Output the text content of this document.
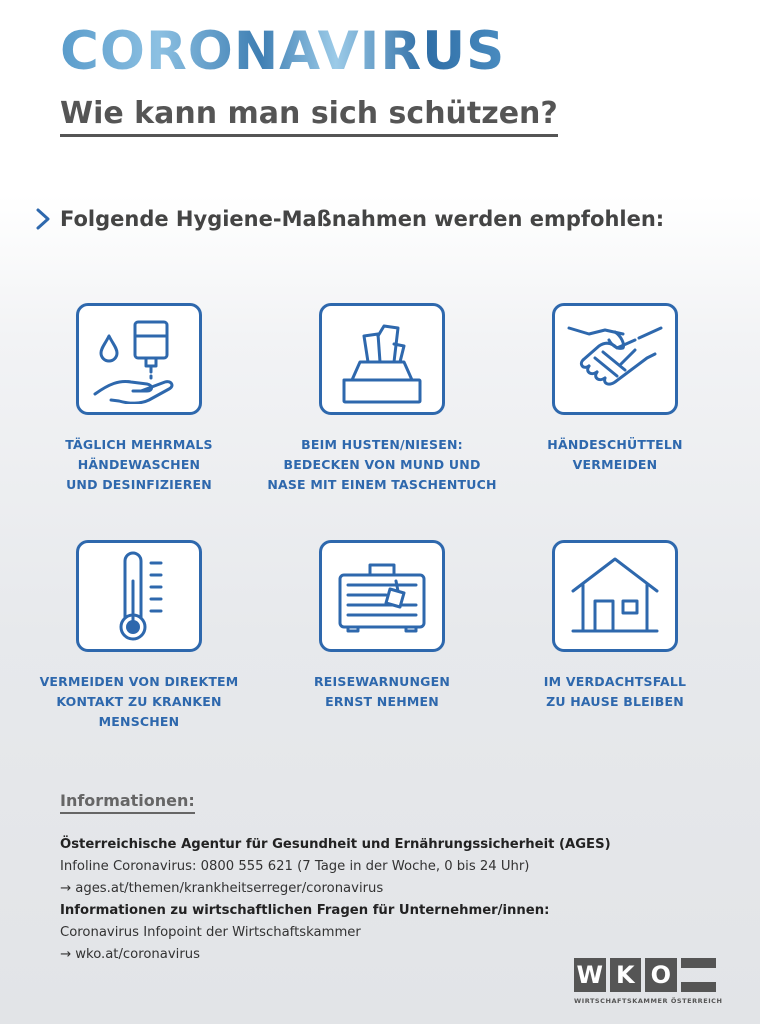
CORONAVIRUS
Wie kann man sich schützen?

Folgende Hygiene-Maßnahmen werden empfohlen:

TÄGLICH MEHRMALS
HÄNDEWASCHEN
UND DESINFIZIEREN
BEIM HUSTEN/NIESEN:
BEDECKEN VON MUND UND
NASE MIT EINEM TASCHENTUCH
HÄNDESCHÜTTELN
VERMEIDEN
VERMEIDEN VON DIREKTEM
KONTAKT ZU KRANKEN
MENSCHEN
REISEWARNUNGEN
ERNST NEHMEN
IM VERDACHTSFALL
ZU HAUSE BLEIBEN

Informationen:

Österreichische Agentur für Gesundheit und Ernährungssicherheit (AGES)
Infoline Coronavirus: 0800 555 621 (7 Tage in der Woche, 0 bis 24 Uhr)
→ ages.at/themen/krankheitserreger/coronavirus
Informationen zu wirtschaftlichen Fragen für Unternehmer/innen:
Coronavirus Infopoint der Wirtschaftskammer
→ wko.at/coronavirus
W K O
WIRTSCHAFTSKAMMER ÖSTERREICH
